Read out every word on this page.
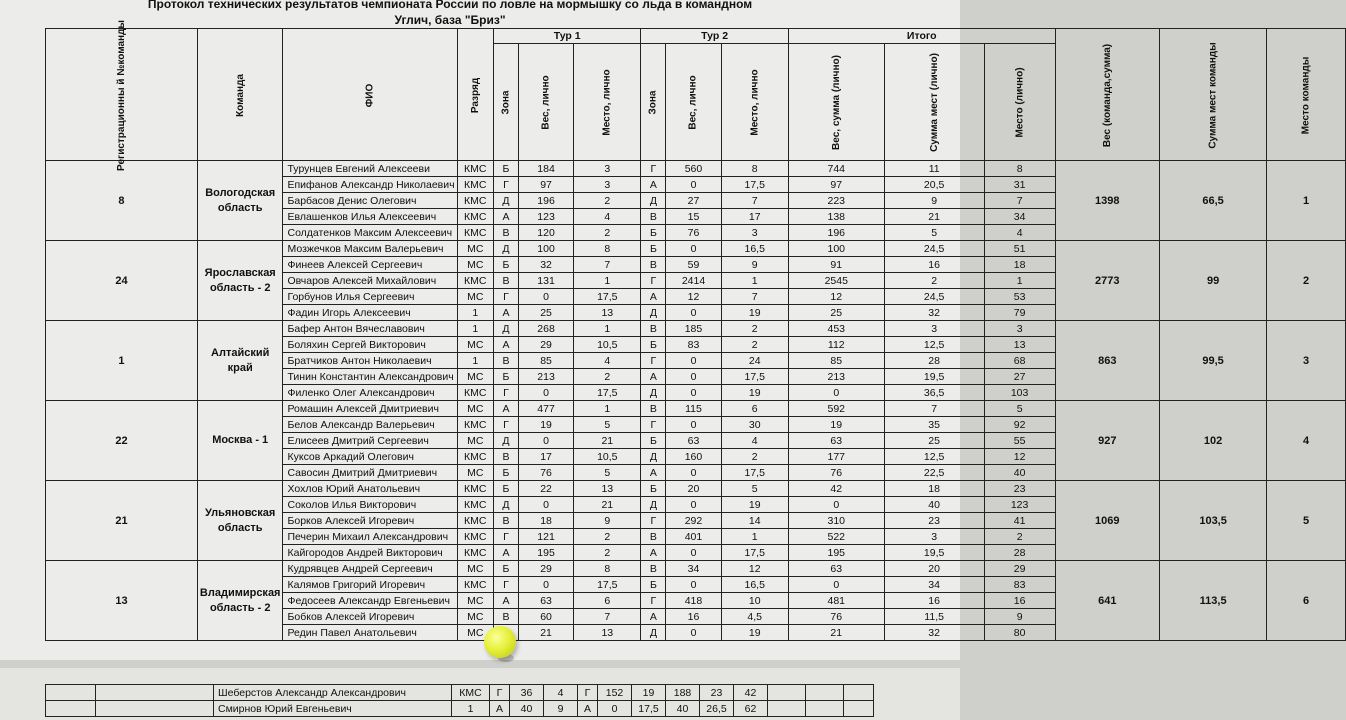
Протокол технических результатов чемпионата России по ловле на мормышку со льда в командном
Углич, база "Бриз"
Регистрационны й №команды	Команда	ФИО	Разряд	Тур 1			Тур 2			Итого			Вес (команда,сумма)	Сумма мест команды	Место команды
				Зона	Вес, лично	Место, лично	Зона	Вес, лично	Место, лично	Вес, сумма (лично)	Сумма мест (лично)	Место (лично)			
8	Вологодская область	Турунцев Евгений Алексееви	КМС	Б	184	3	Г	560	8	744	11	8	1398	66,5	1
		Епифанов Александр Николаевич	КМС	Г	97	3	А	0	17,5	97	20,5	31			
		Барбасов Денис Олегович	КМС	Д	196	2	Д	27	7	223	9	7			
		Евлашенков Илья Алексеевич	КМС	А	123	4	В	15	17	138	21	34			
		Солдатенков Максим Алексеевич	КМС	В	120	2	Б	76	3	196	5	4			
24	Ярославская область - 2	Мозжечков Максим Валерьевич	МС	Д	100	8	Б	0	16,5	100	24,5	51	2773	99	2
		Финеев Алексей Сергеевич	МС	Б	32	7	В	59	9	91	16	18			
		Овчаров Алексей Михайлович	КМС	В	131	1	Г	2414	1	2545	2	1			
		Горбунов Илья Сергеевич	МС	Г	0	17,5	А	12	7	12	24,5	53			
		Фадин Игорь Алексеевич	1	А	25	13	Д	0	19	25	32	79			
1	Алтайский край	Бафер Антон Вячеславович	1	Д	268	1	В	185	2	453	3	3	863	99,5	3
		Боляхин Сергей Викторович	МС	А	29	10,5	Б	83	2	112	12,5	13			
		Братчиков Антон Николаевич	1	В	85	4	Г	0	24	85	28	68			
		Тинин Константин Александрович	МС	Б	213	2	А	0	17,5	213	19,5	27			
		Филенко Олег Александрович	КМС	Г	0	17,5	Д	0	19	0	36,5	103			
22	Москва - 1	Ромашин Алексей Дмитриевич	МС	А	477	1	В	115	6	592	7	5	927	102	4
		Белов Александр Валерьевич	КМС	Г	19	5	Г	0	30	19	35	92			
		Елисеев Дмитрий Сергеевич	МС	Д	0	21	Б	63	4	63	25	55			
		Куксов Аркадий Олегович	КМС	В	17	10,5	Д	160	2	177	12,5	12			
		Савосин Дмитрий Дмитриевич	МС	Б	76	5	А	0	17,5	76	22,5	40			
21	Ульяновская область	Хохлов Юрий Анатольевич	КМС	Б	22	13	Б	20	5	42	18	23	1069	103,5	5
		Соколов Илья Викторович	КМС	Д	0	21	Д	0	19	0	40	123			
		Борков Алексей Игоревич	КМС	В	18	9	Г	292	14	310	23	41			
		Печерин Михаил Александрович	КМС	Г	121	2	В	401	1	522	3	2			
		Кайгородов Андрей Викторович	КМС	А	195	2	А	0	17,5	195	19,5	28			
13	Владимирская область - 2	Кудрявцев Андрей Сергеевич	МС	Б	29	8	В	34	12	63	20	29	641	113,5	6
		Калямов Григорий Игоревич	КМС	Г	0	17,5	Б	0	16,5	0	34	83			
		Федосеев Александр Евгеньевич	МС	А	63	6	Г	418	10	481	16	16			
		Бобков Алексей Игоревич	МС	В	60	7	А	16	4,5	76	11,5	9			
		Редин Павел Анатольевич	МС		21	13	Д	0	19	21	32	80			
		Шеберстов Александр Александрович	КМС	Г	36	4	Г	152	19	188	23	42			
		Смирнов Юрий Евгеньевич	1	А	40	9	А	0	17,5	40	26,5	62			
